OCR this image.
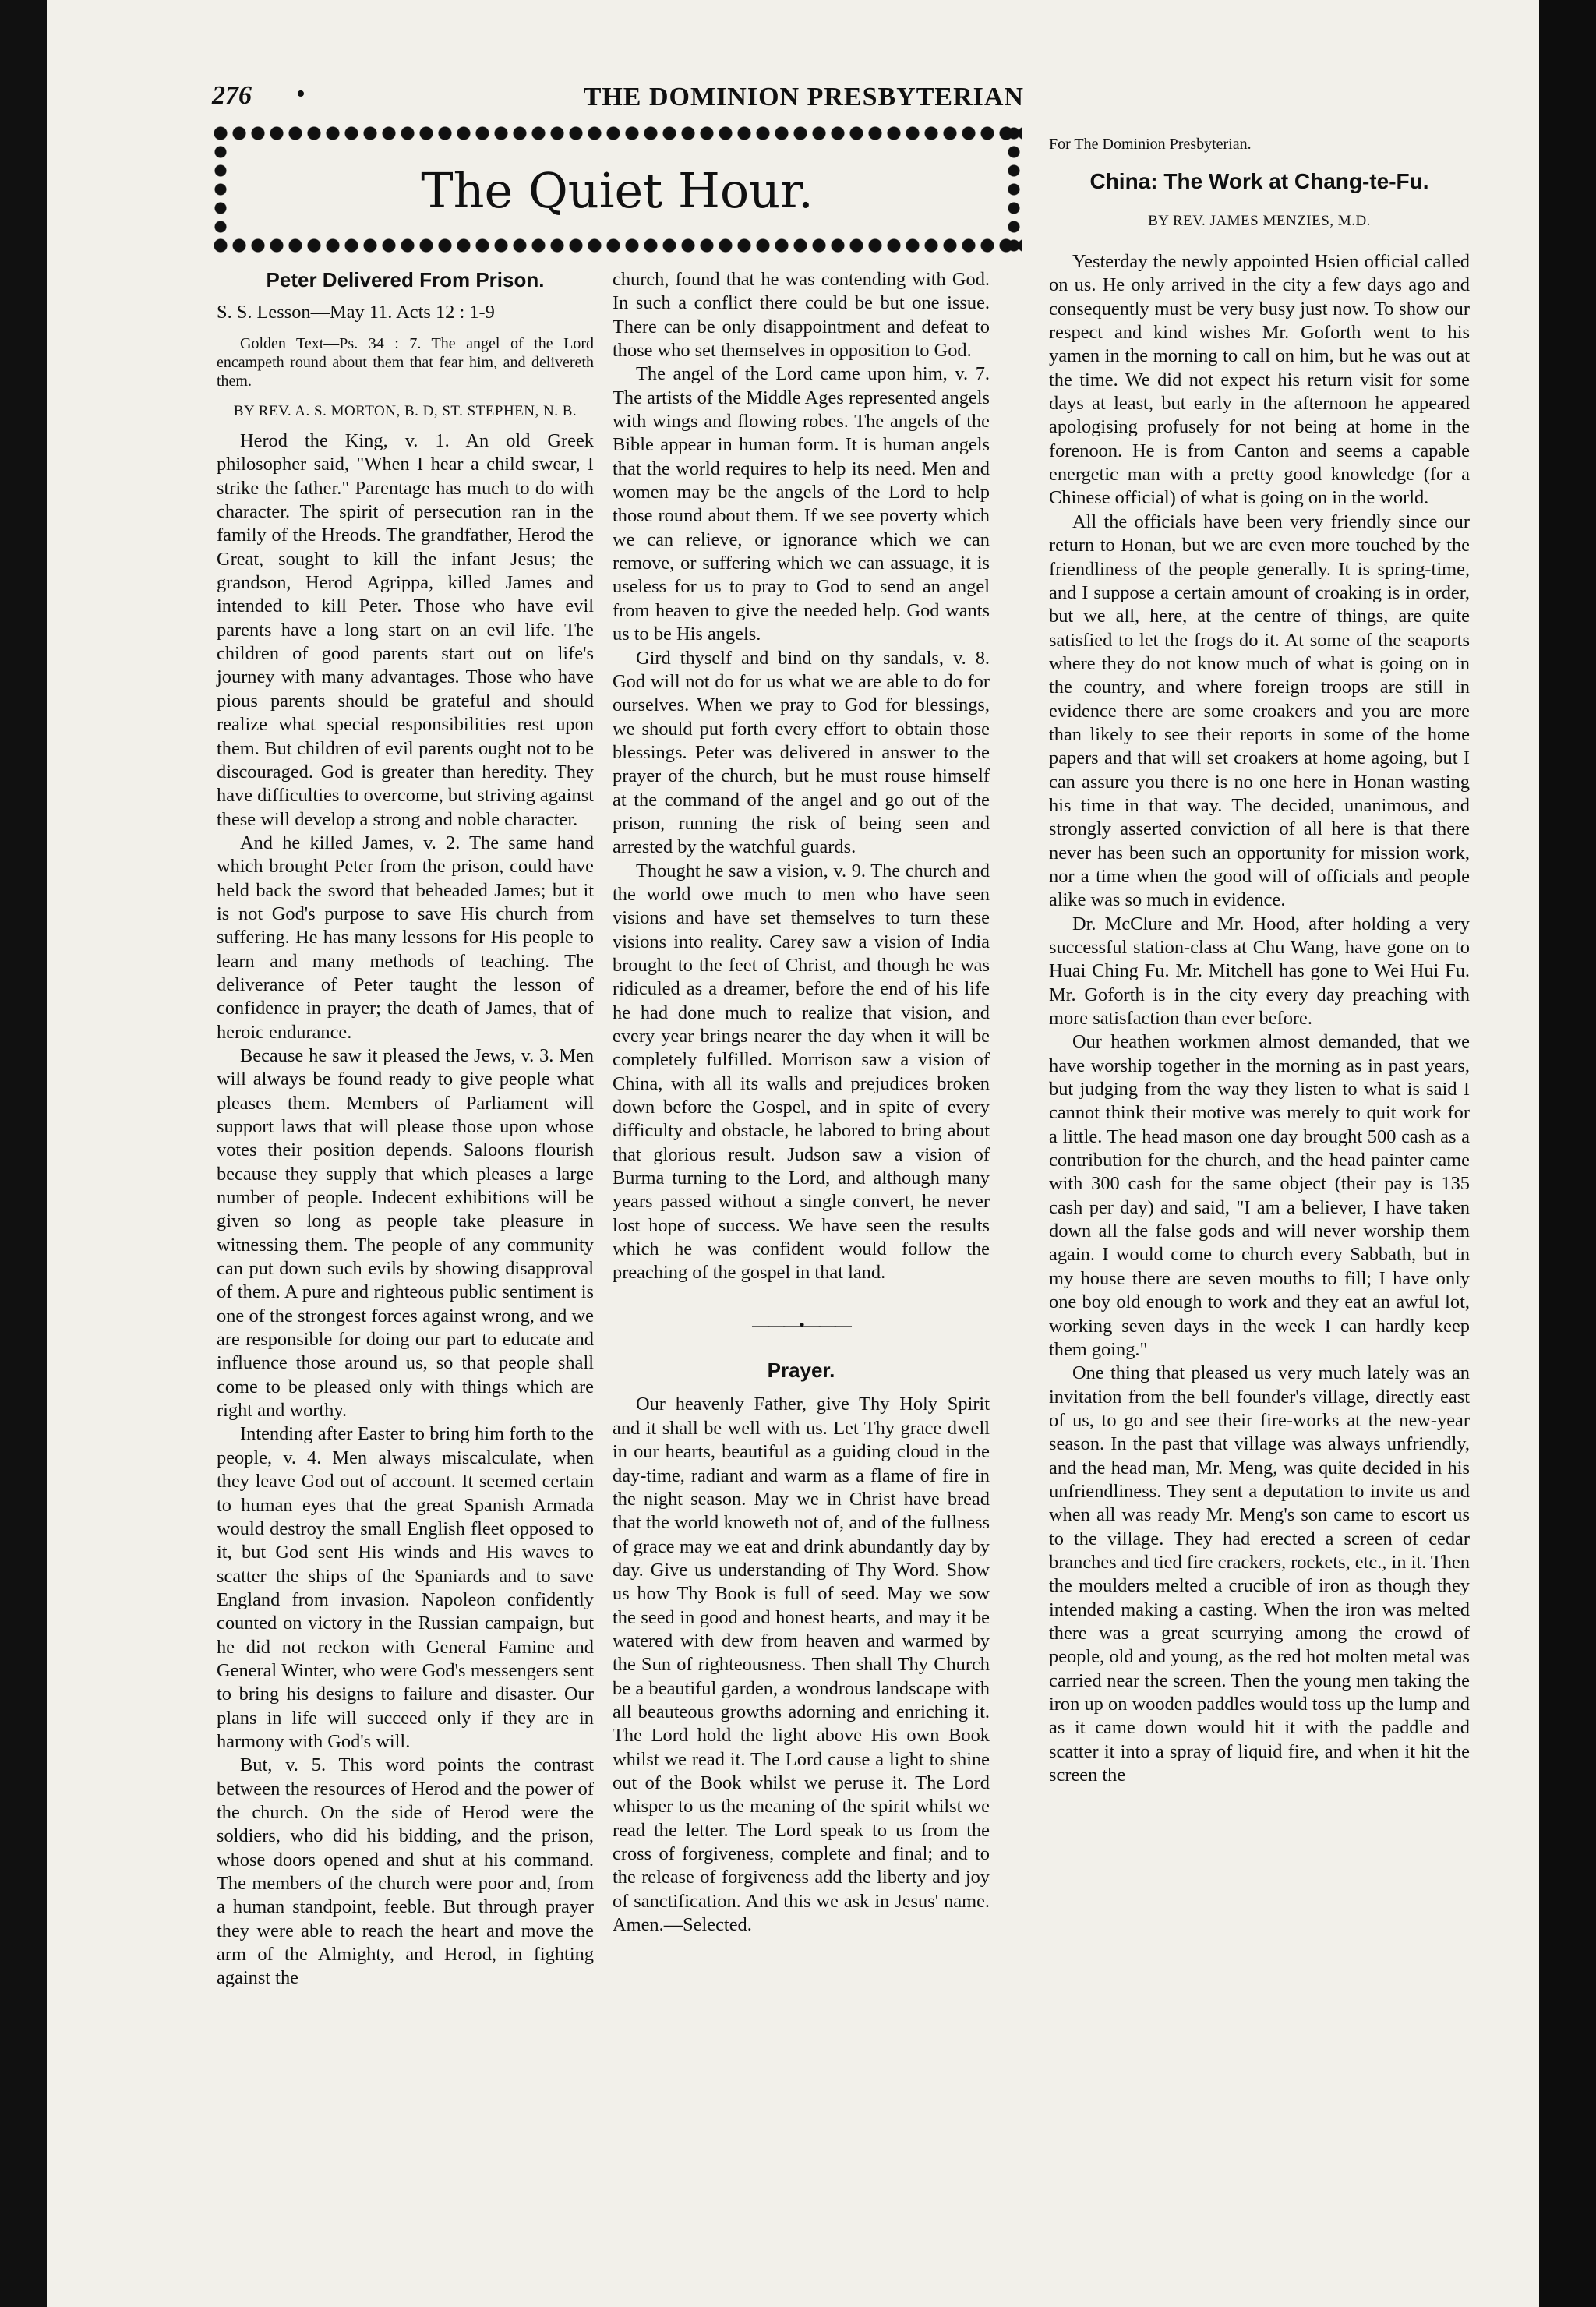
276 •	THE DOMINION PRESBYTERIAN
The Quiet Hour.
Peter Delivered From Prison.

S. S. Lesson—May 11. Acts 12 : 1-9

Golden Text—Ps. 34 : 7. The angel of the Lord encampeth round about them that fear him, and delivereth them.

BY REV. A. S. MORTON, B. D, ST. STEPHEN, N. B.

Herod the King, v. 1. An old Greek philosopher said, "When I hear a child swear, I strike the father." Parentage has much to do with character. The spirit of persecution ran in the family of the Hreods. The grandfather, Herod the Great, sought to kill the infant Jesus; the grandson, Herod Agrippa, killed James and intended to kill Peter. Those who have evil parents have a long start on an evil life. The children of good parents start out on life's journey with many advantages. Those who have pious parents should be grateful and should realize what special responsibilities rest upon them. But children of evil parents ought not to be discouraged. God is greater than heredity. They have difficulties to overcome, but striving against these will develop a strong and noble character.

And he killed James, v. 2. The same hand which brought Peter from the prison, could have held back the sword that beheaded James; but it is not God's purpose to save His church from suffering. He has many lessons for His people to learn and many methods of teaching. The deliverance of Peter taught the lesson of confidence in prayer; the death of James, that of heroic endurance.

Because he saw it pleased the Jews, v. 3. Men will always be found ready to give people what pleases them. Members of Parliament will support laws that will please those upon whose votes their position depends. Saloons flourish because they supply that which pleases a large number of people. Indecent exhibitions will be given so long as people take pleasure in witnessing them. The people of any community can put down such evils by showing disapproval of them. A pure and righteous public sentiment is one of the strongest forces against wrong, and we are responsible for doing our part to educate and influence those around us, so that people shall come to be pleased only with things which are right and worthy.

Intending after Easter to bring him forth to the people, v. 4. Men always miscalculate, when they leave God out of account. It seemed certain to human eyes that the great Spanish Armada would destroy the small English fleet opposed to it, but God sent His winds and His waves to scatter the ships of the Spaniards and to save England from invasion. Napoleon confidently counted on victory in the Russian campaign, but he did not reckon with General Famine and General Winter, who were God's messengers sent to bring his designs to failure and disaster. Our plans in life will succeed only if they are in harmony with God's will.

But, v. 5. This word points the contrast between the resources of Herod and the power of the church. On the side of Herod were the soldiers, who did his bidding, and the prison, whose doors opened and shut at his command. The members of the church were poor and, from a human standpoint, feeble. But through prayer they were able to reach the heart and move the arm of the Almighty, and Herod, in fighting against the

church, found that he was contending with God. In such a conflict there could be but one issue. There can be only disappointment and defeat to those who set themselves in opposition to God.

The angel of the Lord came upon him, v. 7. The artists of the Middle Ages represented angels with wings and flowing robes. The angels of the Bible appear in human form. It is human angels that the world requires to help its need. Men and women may be the angels of the Lord to help those round about them. If we see poverty which we can relieve, or ignorance which we can remove, or suffering which we can assuage, it is useless for us to pray to God to send an angel from heaven to give the needed help. God wants us to be His angels.

Gird thyself and bind on thy sandals, v. 8. God will not do for us what we are able to do for ourselves. When we pray to God for blessings, we should put forth every effort to obtain those blessings. Peter was delivered in answer to the prayer of the church, but he must rouse himself at the command of the angel and go out of the prison, running the risk of being seen and arrested by the watchful guards.

Thought he saw a vision, v. 9. The church and the world owe much to men who have seen visions and have set themselves to turn these visions into reality. Carey saw a vision of India brought to the feet of Christ, and though he was ridiculed as a dreamer, before the end of his life he had done much to realize that vision, and every year brings nearer the day when it will be completely fulfilled. Morrison saw a vision of China, with all its walls and prejudices broken down before the Gospel, and in spite of every difficulty and obstacle, he labored to bring about that glorious result. Judson saw a vision of Burma turning to the Lord, and although many years passed without a single convert, he never lost hope of success. We have seen the results which he was confident would follow the preaching of the gospel in that land.

———•———
Prayer.

Our heavenly Father, give Thy Holy Spirit and it shall be well with us. Let Thy grace dwell in our hearts, beautiful as a guiding cloud in the day-time, radiant and warm as a flame of fire in the night season. May we in Christ have bread that the world knoweth not of, and of the fullness of grace may we eat and drink abundantly day by day. Give us understanding of Thy Word. Show us how Thy Book is full of seed. May we sow the seed in good and honest hearts, and may it be watered with dew from heaven and warmed by the Sun of righteousness. Then shall Thy Church be a beautiful garden, a wondrous landscape with all beauteous growths adorning and enriching it. The Lord hold the light above His own Book whilst we read it. The Lord cause a light to shine out of the Book whilst we peruse it. The Lord whisper to us the meaning of the spirit whilst we read the letter. The Lord speak to us from the cross of forgiveness, complete and final; and to the release of forgiveness add the liberty and joy of sanctification. And this we ask in Jesus' name. Amen.—Selected.

For The Dominion Presbyterian.
China: The Work at Chang-te-Fu.
BY REV. JAMES MENZIES, M.D.

Yesterday the newly appointed Hsien official called on us. He only arrived in the city a few days ago and consequently must be very busy just now. To show our respect and kind wishes Mr. Goforth went to his yamen in the morning to call on him, but he was out at the time. We did not expect his return visit for some days at least, but early in the afternoon he appeared apologising profusely for not being at home in the forenoon. He is from Canton and seems a capable energetic man with a pretty good knowledge (for a Chinese official) of what is going on in the world.

All the officials have been very friendly since our return to Honan, but we are even more touched by the friendliness of the people generally. It is spring-time, and I suppose a certain amount of croaking is in order, but we all, here, at the centre of things, are quite satisfied to let the frogs do it. At some of the seaports where they do not know much of what is going on in the country, and where foreign troops are still in evidence there are some croakers and you are more than likely to see their reports in some of the home papers and that will set croakers at home agoing, but I can assure you there is no one here in Honan wasting his time in that way. The decided, unanimous, and strongly asserted conviction of all here is that there never has been such an opportunity for mission work, nor a time when the good will of officials and people alike was so much in evidence.

Dr. McClure and Mr. Hood, after holding a very successful station-class at Chu Wang, have gone on to Huai Ching Fu. Mr. Mitchell has gone to Wei Hui Fu. Mr. Goforth is in the city every day preaching with more satisfaction than ever before.

Our heathen workmen almost demanded, that we have worship together in the morning as in past years, but judging from the way they listen to what is said I cannot think their motive was merely to quit work for a little. The head mason one day brought 500 cash as a contribution for the church, and the head painter came with 300 cash for the same object (their pay is 135 cash per day) and said, "I am a believer, I have taken down all the false gods and will never worship them again. I would come to church every Sabbath, but in my house there are seven mouths to fill; I have only one boy old enough to work and they eat an awful lot, working seven days in the week I can hardly keep them going."

One thing that pleased us very much lately was an invitation from the bell founder's village, directly east of us, to go and see their fire-works at the new-year season. In the past that village was always unfriendly, and the head man, Mr. Meng, was quite decided in his unfriendliness. They sent a deputation to invite us and when all was ready Mr. Meng's son came to escort us to the village. They had erected a screen of cedar branches and tied fire crackers, rockets, etc., in it. Then the moulders melted a crucible of iron as though they intended making a casting. When the iron was melted there was a great scurrying among the crowd of people, old and young, as the red hot molten metal was carried near the screen. Then the young men taking the iron up on wooden paddles would toss up the lump and as it came down would hit it with the paddle and scatter it into a spray of liquid fire, and when it hit the screen the
